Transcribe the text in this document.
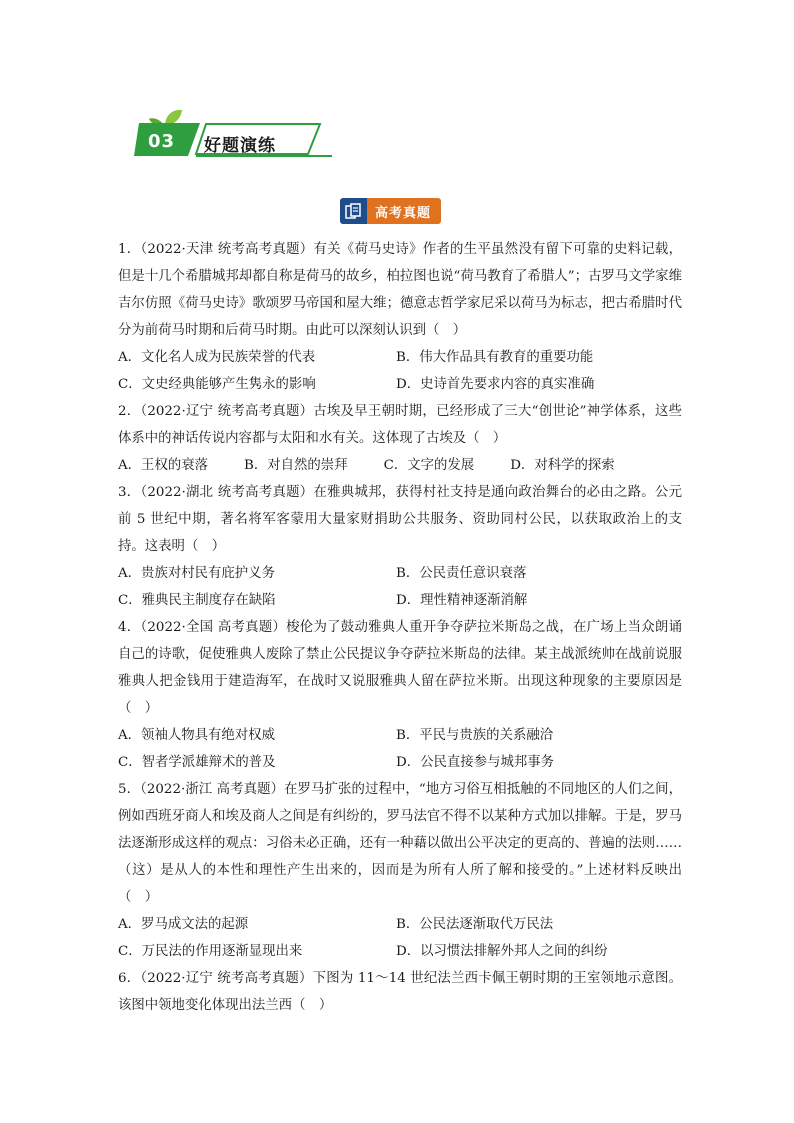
03 好题演练
高考真题

1．（2022·天津 统考高考真题）有关《荷马史诗》作者的生平虽然没有留下可靠的史料记载，但是十几个希腊城邦却都自称是荷马的故乡，柏拉图也说“荷马教育了希腊人”；古罗马文学家维吉尔仿照《荷马史诗》歌颂罗马帝国和屋大维；德意志哲学家尼采以荷马为标志，把古希腊时代分为前荷马时期和后荷马时期。由此可以深刻认识到（　）

A．文化名人成为民族荣誉的代表	B．伟大作品具有教育的重要功能
C．文史经典能够产生隽永的影响	D．史诗首先要求内容的真实准确

2．（2022·辽宁 统考高考真题）古埃及早王朝时期，已经形成了三大“创世论”神学体系，这些体系中的神话传说内容都与太阳和水有关。这体现了古埃及（　）

A．王权的衰落	B．对自然的崇拜	C．文字的发展	D．对科学的探索

3．（2022·湖北 统考高考真题）在雅典城邦，获得村社支持是通向政治舞台的必由之路。公元前 5 世纪中期，著名将军客蒙用大量家财捐助公共服务、资助同村公民，以获取政治上的支持。这表明（　）

A．贵族对村民有庇护义务	B．公民责任意识衰落
C．雅典民主制度存在缺陷	D．理性精神逐渐消解

4．（2022·全国 高考真题）梭伦为了鼓动雅典人重开争夺萨拉米斯岛之战，在广场上当众朗诵自己的诗歌，促使雅典人废除了禁止公民提议争夺萨拉米斯岛的法律。某主战派统帅在战前说服雅典人把金钱用于建造海军，在战时又说服雅典人留在萨拉米斯。出现这种现象的主要原因是（　）

A．领袖人物具有绝对权威	B．平民与贵族的关系融洽
C．智者学派雄辩术的普及	D．公民直接参与城邦事务

5．（2022·浙江 高考真题）在罗马扩张的过程中，“地方习俗互相抵触的不同地区的人们之间，例如西班牙商人和埃及商人之间是有纠纷的，罗马法官不得不以某种方式加以排解。于是，罗马法逐渐形成这样的观点：习俗未必正确，还有一种藉以做出公平决定的更高的、普遍的法则……（这）是从人的本性和理性产生出来的，因而是为所有人所了解和接受的。”上述材料反映出（　）

A．罗马成文法的起源	B．公民法逐渐取代万民法
C．万民法的作用逐渐显现出来	D．以习惯法排解外邦人之间的纠纷

6．（2022·辽宁 统考高考真题）下图为 11～14 世纪法兰西卡佩王朝时期的王室领地示意图。该图中领地变化体现出法兰西（　）
